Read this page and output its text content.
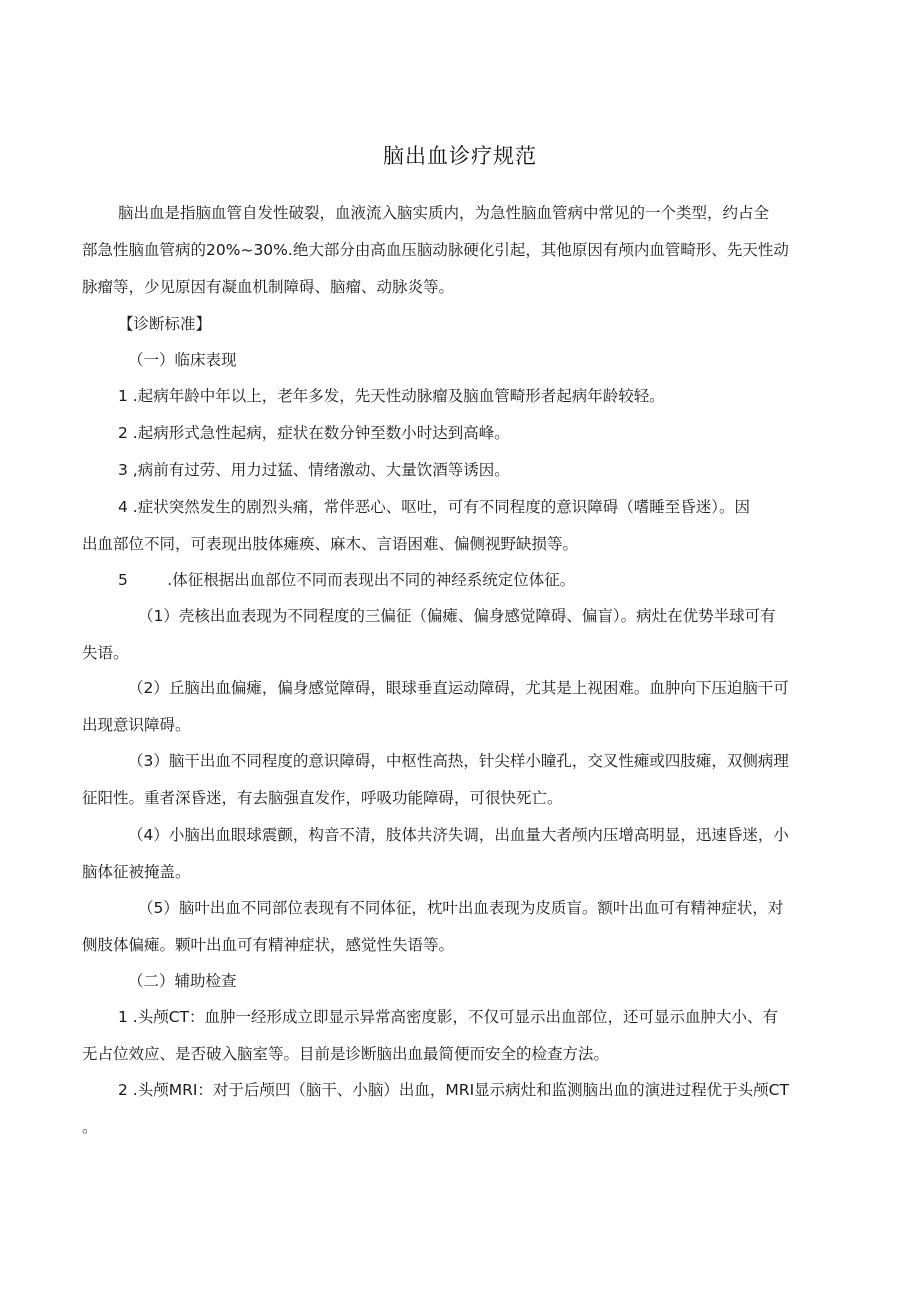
脑出血诊疗规范
脑出血是指脑血管自发性破裂，血液流入脑实质内，为急性脑血管病中常见的一个类型，约占全
部急性脑血管病的20%~30%.绝大部分由高血压脑动脉硬化引起，其他原因有颅内血管畸形、先天性动
脉瘤等，少见原因有凝血机制障碍、脑瘤、动脉炎等。
【诊断标准】
（一）临床表现
1 .起病年龄中年以上，老年多发，先天性动脉瘤及脑血管畸形者起病年龄较轻。
2 .起病形式急性起病，症状在数分钟至数小时达到高峰。
3 ,病前有过劳、用力过猛、情绪激动、大量饮酒等诱因。
4 .症状突然发生的剧烈头痛，常伴恶心、呕吐，可有不同程度的意识障碍（嗜睡至昏迷）。因
出血部位不同，可表现出肢体瘫痪、麻木、言语困难、偏侧视野缺损等。
5        .体征根据出血部位不同而表现出不同的神经系统定位体征。
（1）壳核出血表现为不同程度的三偏征（偏瘫、偏身感觉障碍、偏盲）。病灶在优势半球可有
失语。
（2）丘脑出血偏瘫，偏身感觉障碍，眼球垂直运动障碍，尤其是上视困难。血肿向下压迫脑干可
出现意识障碍。
（3）脑干出血不同程度的意识障碍，中枢性高热，针尖样小瞳孔，交叉性瘫或四肢瘫，双侧病理
征阳性。重者深昏迷，有去脑强直发作，呼吸功能障碍，可很快死亡。
（4）小脑出血眼球震颤，构音不清，肢体共济失调，出血量大者颅内压增高明显，迅速昏迷，小
脑体征被掩盖。
（5）脑叶出血不同部位表现有不同体征，枕叶出血表现为皮质盲。额叶出血可有精神症状，对
侧肢体偏瘫。颗叶出血可有精神症状，感觉性失语等。
（二）辅助检查
1 .头颅CT：血肿一经形成立即显示异常高密度影，不仅可显示出血部位，还可显示血肿大小、有
无占位效应、是否破入脑室等。目前是诊断脑出血最简便而安全的检查方法。
2 .头颅MRI：对于后颅凹（脑干、小脑）出血，MRI显示病灶和监测脑出血的演进过程优于头颅CT
。
